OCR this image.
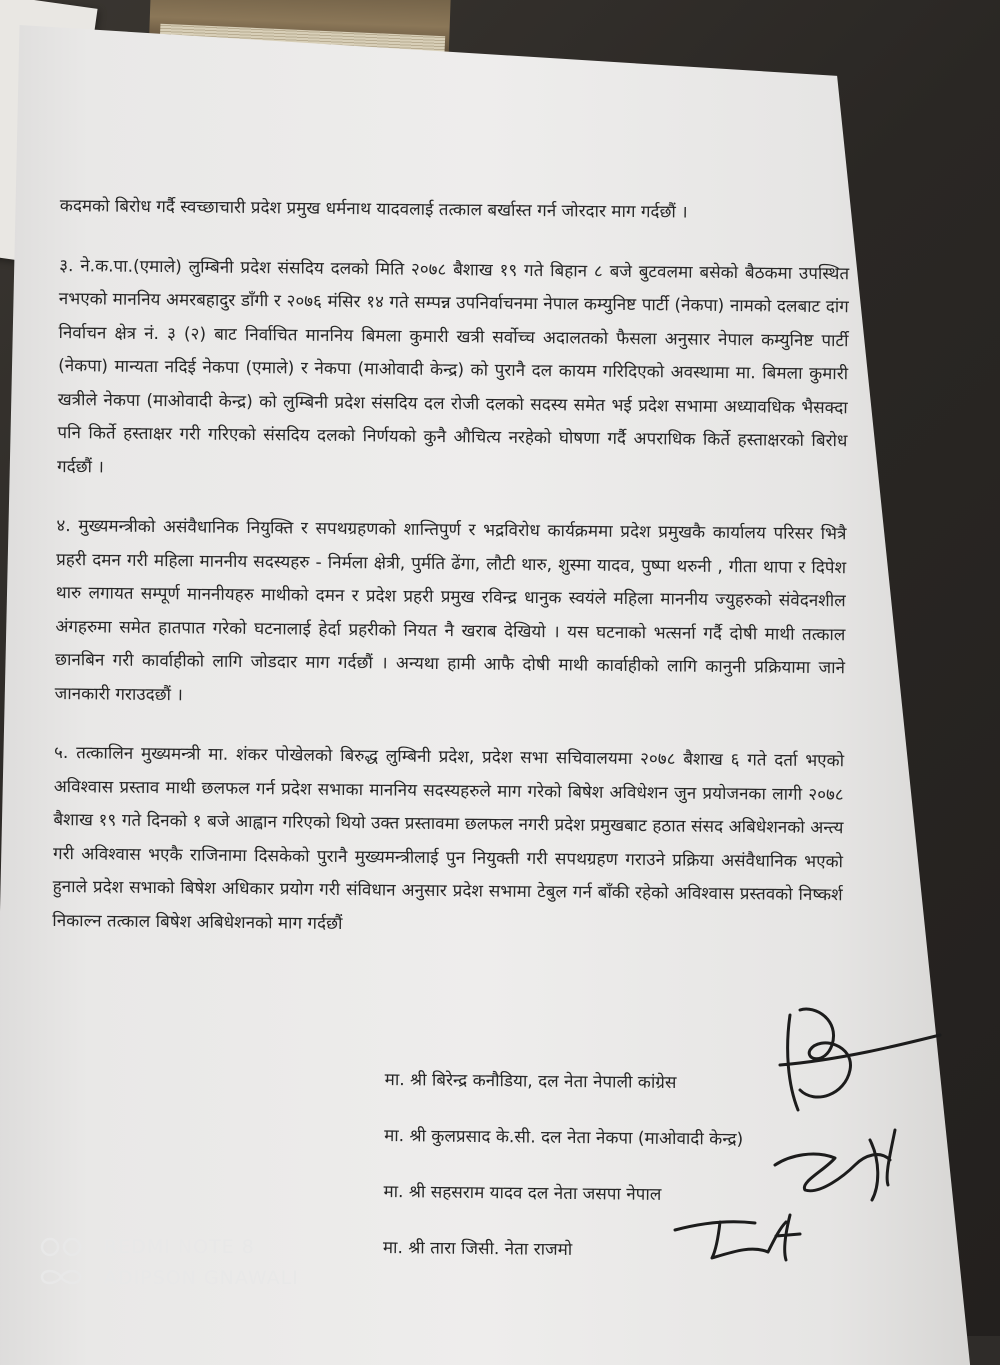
कदमको बिरोध गर्दै स्वच्छाचारी प्रदेश प्रमुख धर्मनाथ यादवलाई तत्काल बर्खास्त गर्न जोरदार माग गर्दछौं ।

३. ने.क.पा.(एमाले) लुम्बिनी प्रदेश संसदिय दलको मिति २०७८ बैशाख १९ गते बिहान ८ बजे बुटवलमा बसेको बैठकमा उपस्थित नभएको माननिय अमरबहादुर डाँगी र २०७६ मंसिर १४ गते सम्पन्न उपनिर्वाचनमा नेपाल कम्युनिष्ट पार्टी (नेकपा) नामको दलबाट दांग निर्वाचन क्षेत्र नं. ३ (२) बाट निर्वाचित माननिय बिमला कुमारी खत्री सर्वोच्च अदालतको फैसला अनुसार नेपाल कम्युनिष्ट पार्टी (नेकपा) मान्यता नदिई नेकपा (एमाले) र नेकपा (माओवादी केन्द्र) को पुरानै दल कायम गरिदिएको अवस्थामा मा. बिमला कुमारी खत्रीले नेकपा (माओवादी केन्द्र) को लुम्बिनी प्रदेश संसदिय दल रोजी दलको सदस्य समेत भई प्रदेश सभामा अध्यावधिक भैसक्दा पनि किर्ते हस्ताक्षर गरी गरिएको संसदिय दलको निर्णयको कुनै औचित्य नरहेको घोषणा गर्दै अपराधिक किर्ते हस्ताक्षरको बिरोध गर्दछौं ।

४. मुख्यमन्त्रीको असंवैधानिक नियुक्ति र सपथग्रहणको शान्तिपुर्ण र भद्रविरोध कार्यक्रममा प्रदेश प्रमुखकै कार्यालय परिसर भित्रै प्रहरी दमन गरी महिला माननीय सदस्यहरु - निर्मला क्षेत्री, पुर्मति ढेंगा, लौटी थारु, शुस्मा यादव, पुष्पा थरुनी , गीता थापा र दिपेश थारु लगायत सम्पूर्ण माननीयहरु माथीको दमन र प्रदेश प्रहरी प्रमुख रविन्द्र धानुक स्वयंले महिला माननीय ज्युहरुको संवेदनशील अंगहरुमा समेत हातपात गरेको घटनालाई हेर्दा प्रहरीको नियत नै खराब देखियो । यस घटनाको भत्सर्ना गर्दै दोषी माथी तत्काल छानबिन गरी कार्वाहीको लागि जोडदार माग गर्दछौं । अन्यथा हामी आफै दोषी माथी कार्वाहीको लागि कानुनी प्रक्रियामा जाने जानकारी गराउदछौं ।

५. तत्कालिन मुख्यमन्त्री मा. शंकर पोखेलको बिरुद्ध लुम्बिनी प्रदेश, प्रदेश सभा सचिवालयमा २०७८ बैशाख ६ गते दर्ता भएको अविश्वास प्रस्ताव माथी छलफल गर्न प्रदेश सभाका माननिय सदस्यहरुले माग गरेको बिषेश अविधेशन जुन प्रयोजनका लागी २०७८ बैशाख १९ गते दिनको १ बजे आह्वान गरिएको थियो उक्त प्रस्तावमा छलफल नगरी प्रदेश प्रमुखबाट हठात संसद अबिधेशनको अन्त्य गरी अविश्वास भएकै राजिनामा दिसकेको पुरानै मुख्यमन्त्रीलाई पुन नियुक्ती गरी सपथग्रहण गराउने प्रक्रिया असंवैधानिक भएको हुनाले प्रदेश सभाको बिषेश अधिकार प्रयोग गरी संविधान अनुसार प्रदेश सभामा टेबुल गर्न बाँकी रहेको अविश्वास प्रस्तवको निष्कर्श निकाल्न तत्काल बिषेश अबिधेशनको माग गर्दछौं

मा. श्री बिरेन्द्र कनौडिया, दल नेता नेपाली कांग्रेस

मा. श्री कुलप्रसाद के.सी. दल नेता नेकपा (माओवादी केन्द्र)

मा. श्री सहसराम यादव दल नेता जसपा नेपाल

मा. श्री तारा जिसी. नेता राजमो

REDMI NOTE 8
ADIPSON GNAWALI
